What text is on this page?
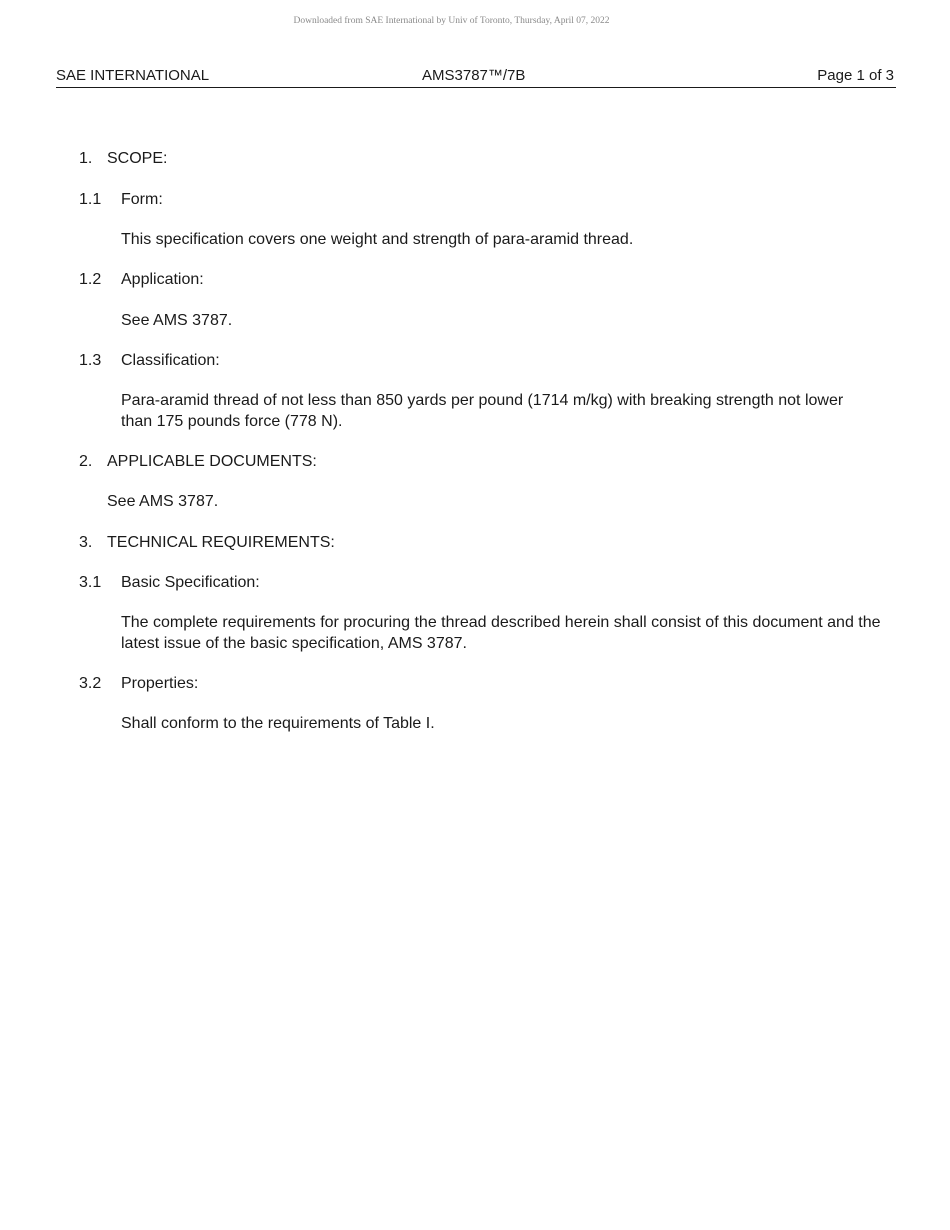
Downloaded from SAE International by Univ of Toronto, Thursday, April 07, 2022
SAE INTERNATIONAL	AMS3787™/7B	Page 1 of 3
1. SCOPE:
1.1 Form:
This specification covers one weight and strength of para-aramid thread.
1.2 Application:
See AMS 3787.
1.3 Classification:
Para-aramid thread of not less than 850 yards per pound (1714 m/kg) with breaking strength not lower than 175 pounds force (778 N).
2. APPLICABLE DOCUMENTS:
See AMS 3787.
3. TECHNICAL REQUIREMENTS:
3.1 Basic Specification:
The complete requirements for procuring the thread described herein shall consist of this document and the latest issue of the basic specification, AMS 3787.
3.2 Properties:
Shall conform to the requirements of Table I.
